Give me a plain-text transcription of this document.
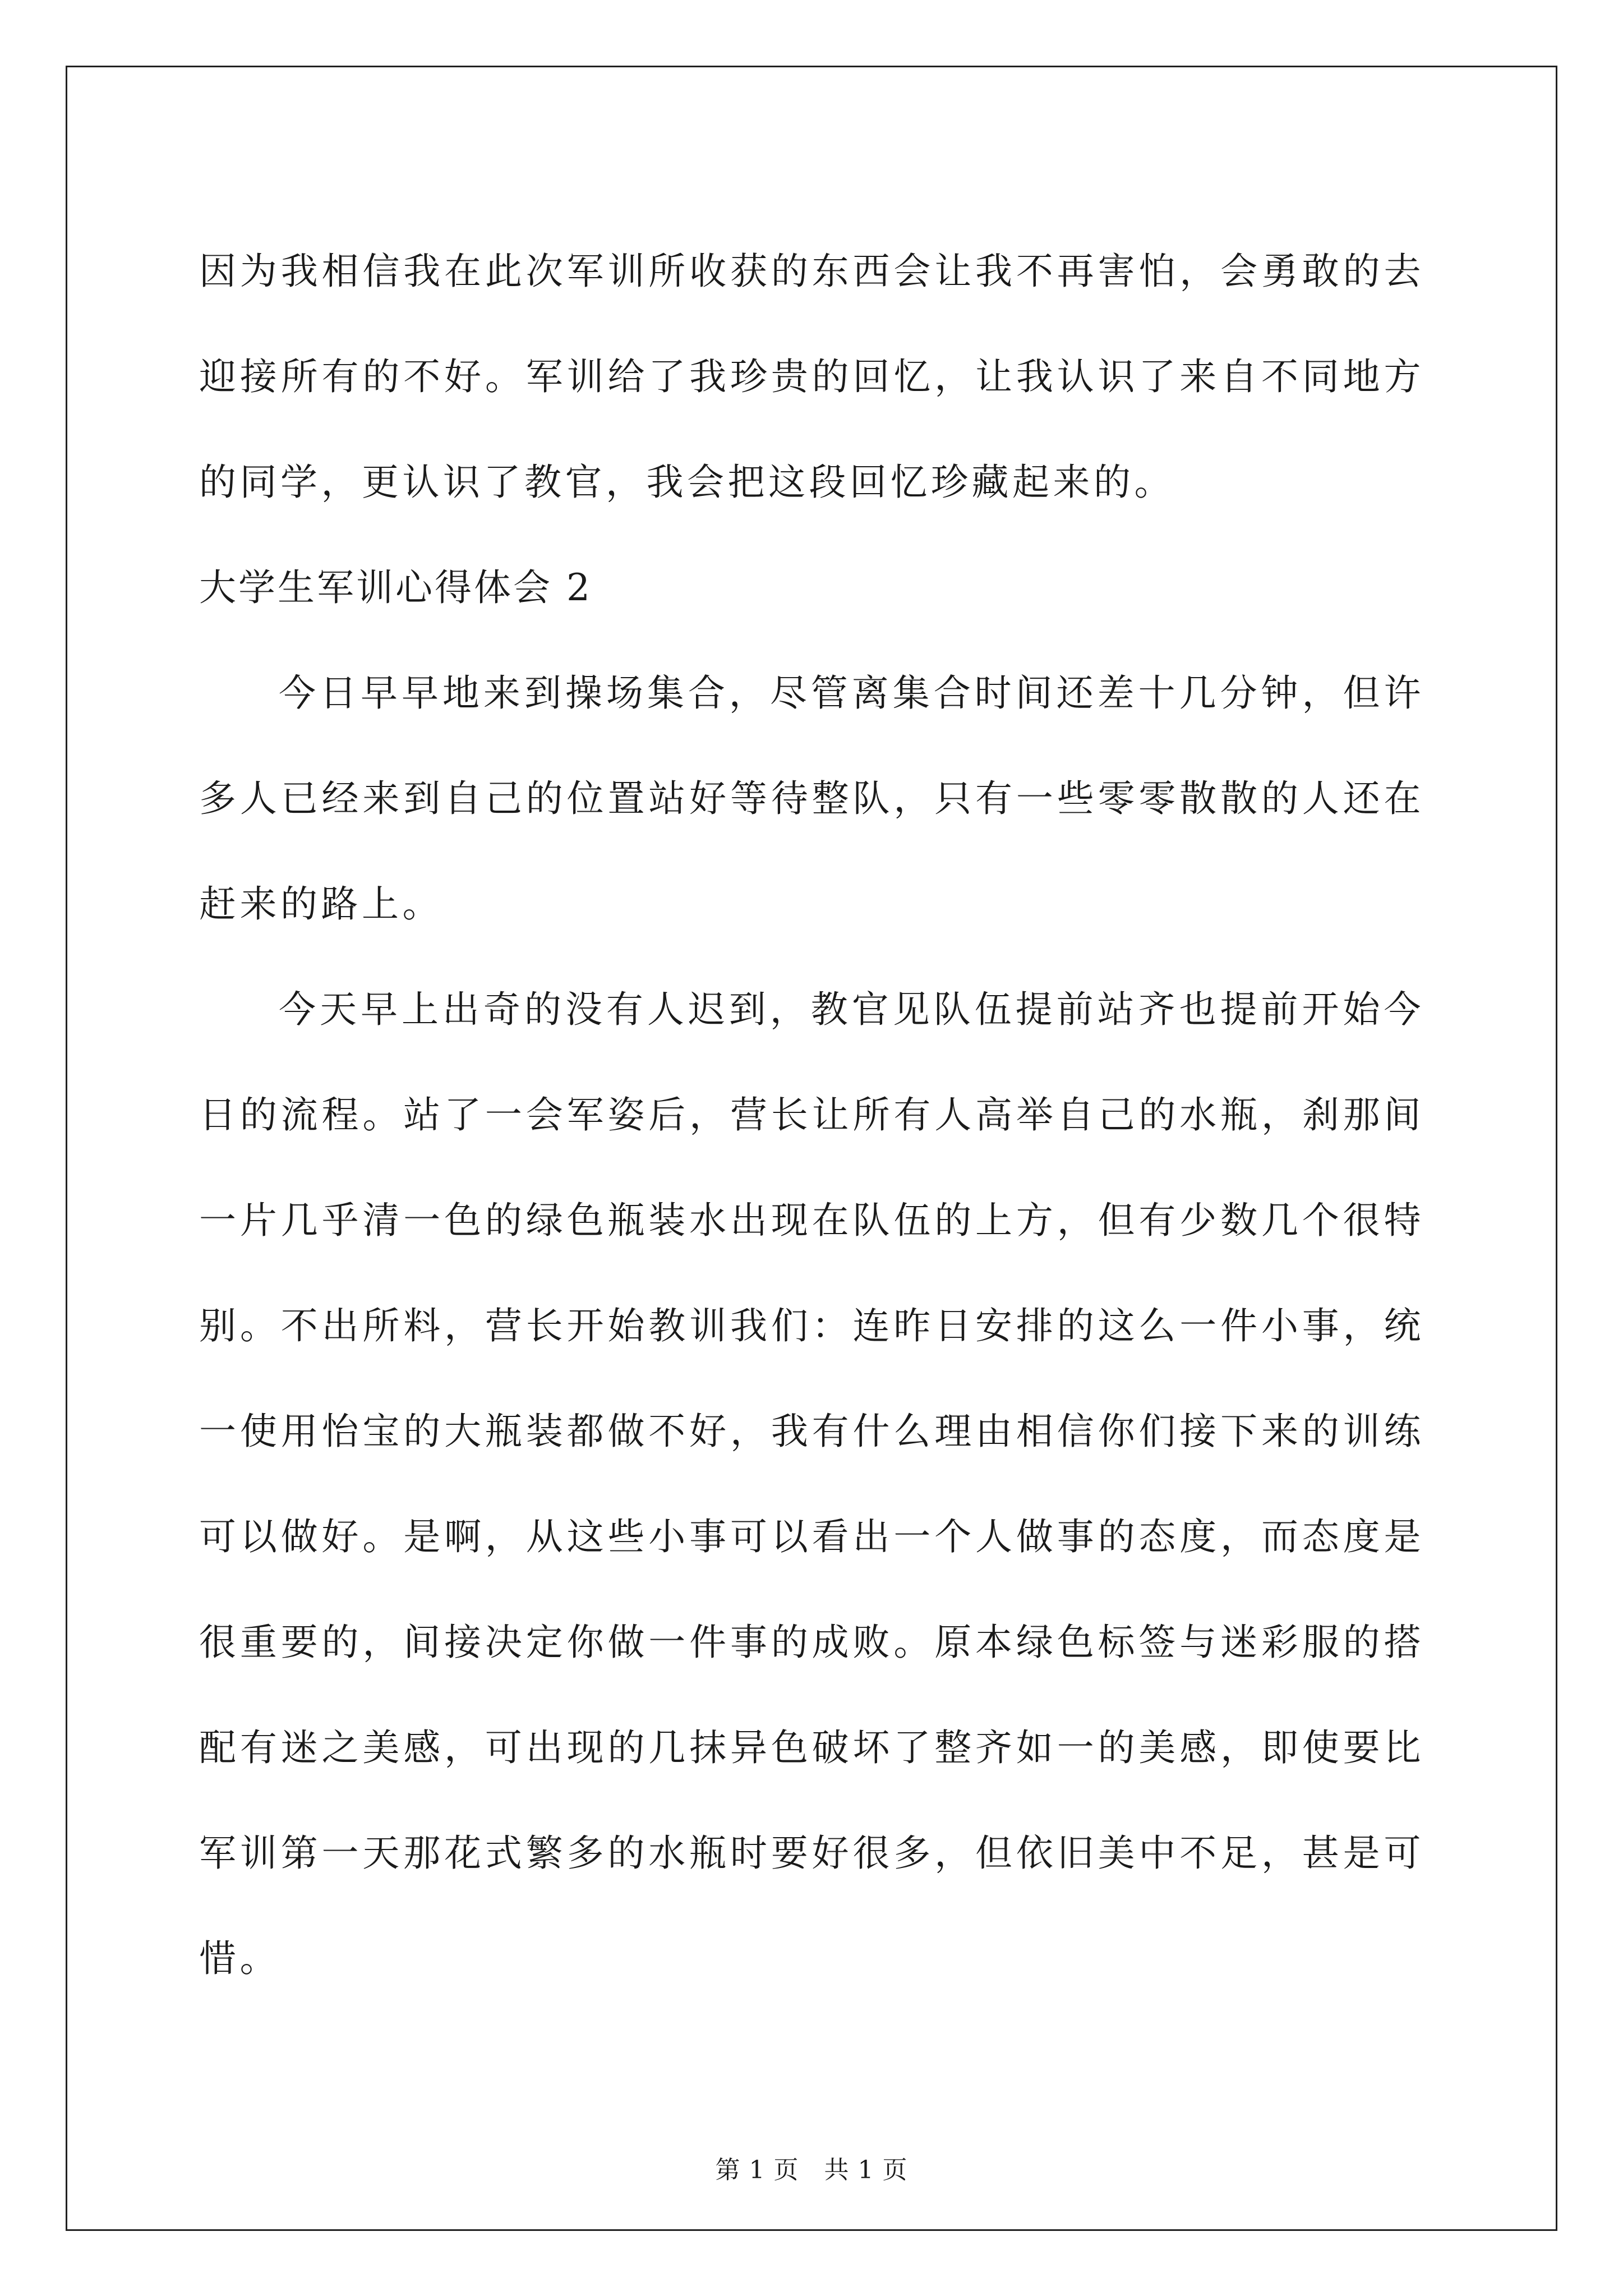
因为我相信我在此次军训所收获的东西会让我不再害怕，会勇敢的去迎接所有的不好。军训给了我珍贵的回忆，让我认识了来自不同地方的同学，更认识了教官，我会把这段回忆珍藏起来的。

大学生军训心得体会 2

今日早早地来到操场集合，尽管离集合时间还差十几分钟，但许多人已经来到自己的位置站好等待整队，只有一些零零散散的人还在赶来的路上。

今天早上出奇的没有人迟到，教官见队伍提前站齐也提前开始今日的流程。站了一会军姿后，营长让所有人高举自己的水瓶，刹那间一片几乎清一色的绿色瓶装水出现在队伍的上方，但有少数几个很特别。不出所料，营长开始教训我们：连昨日安排的这么一件小事，统一使用怡宝的大瓶装都做不好，我有什么理由相信你们接下来的训练可以做好。是啊，从这些小事可以看出一个人做事的态度，而态度是很重要的，间接决定你做一件事的成败。原本绿色标签与迷彩服的搭配有迷之美感，可出现的几抹异色破坏了整齐如一的美感，即使要比军训第一天那花式繁多的水瓶时要好很多，但依旧美中不足，甚是可惜。

第 1 页　共 1 页
